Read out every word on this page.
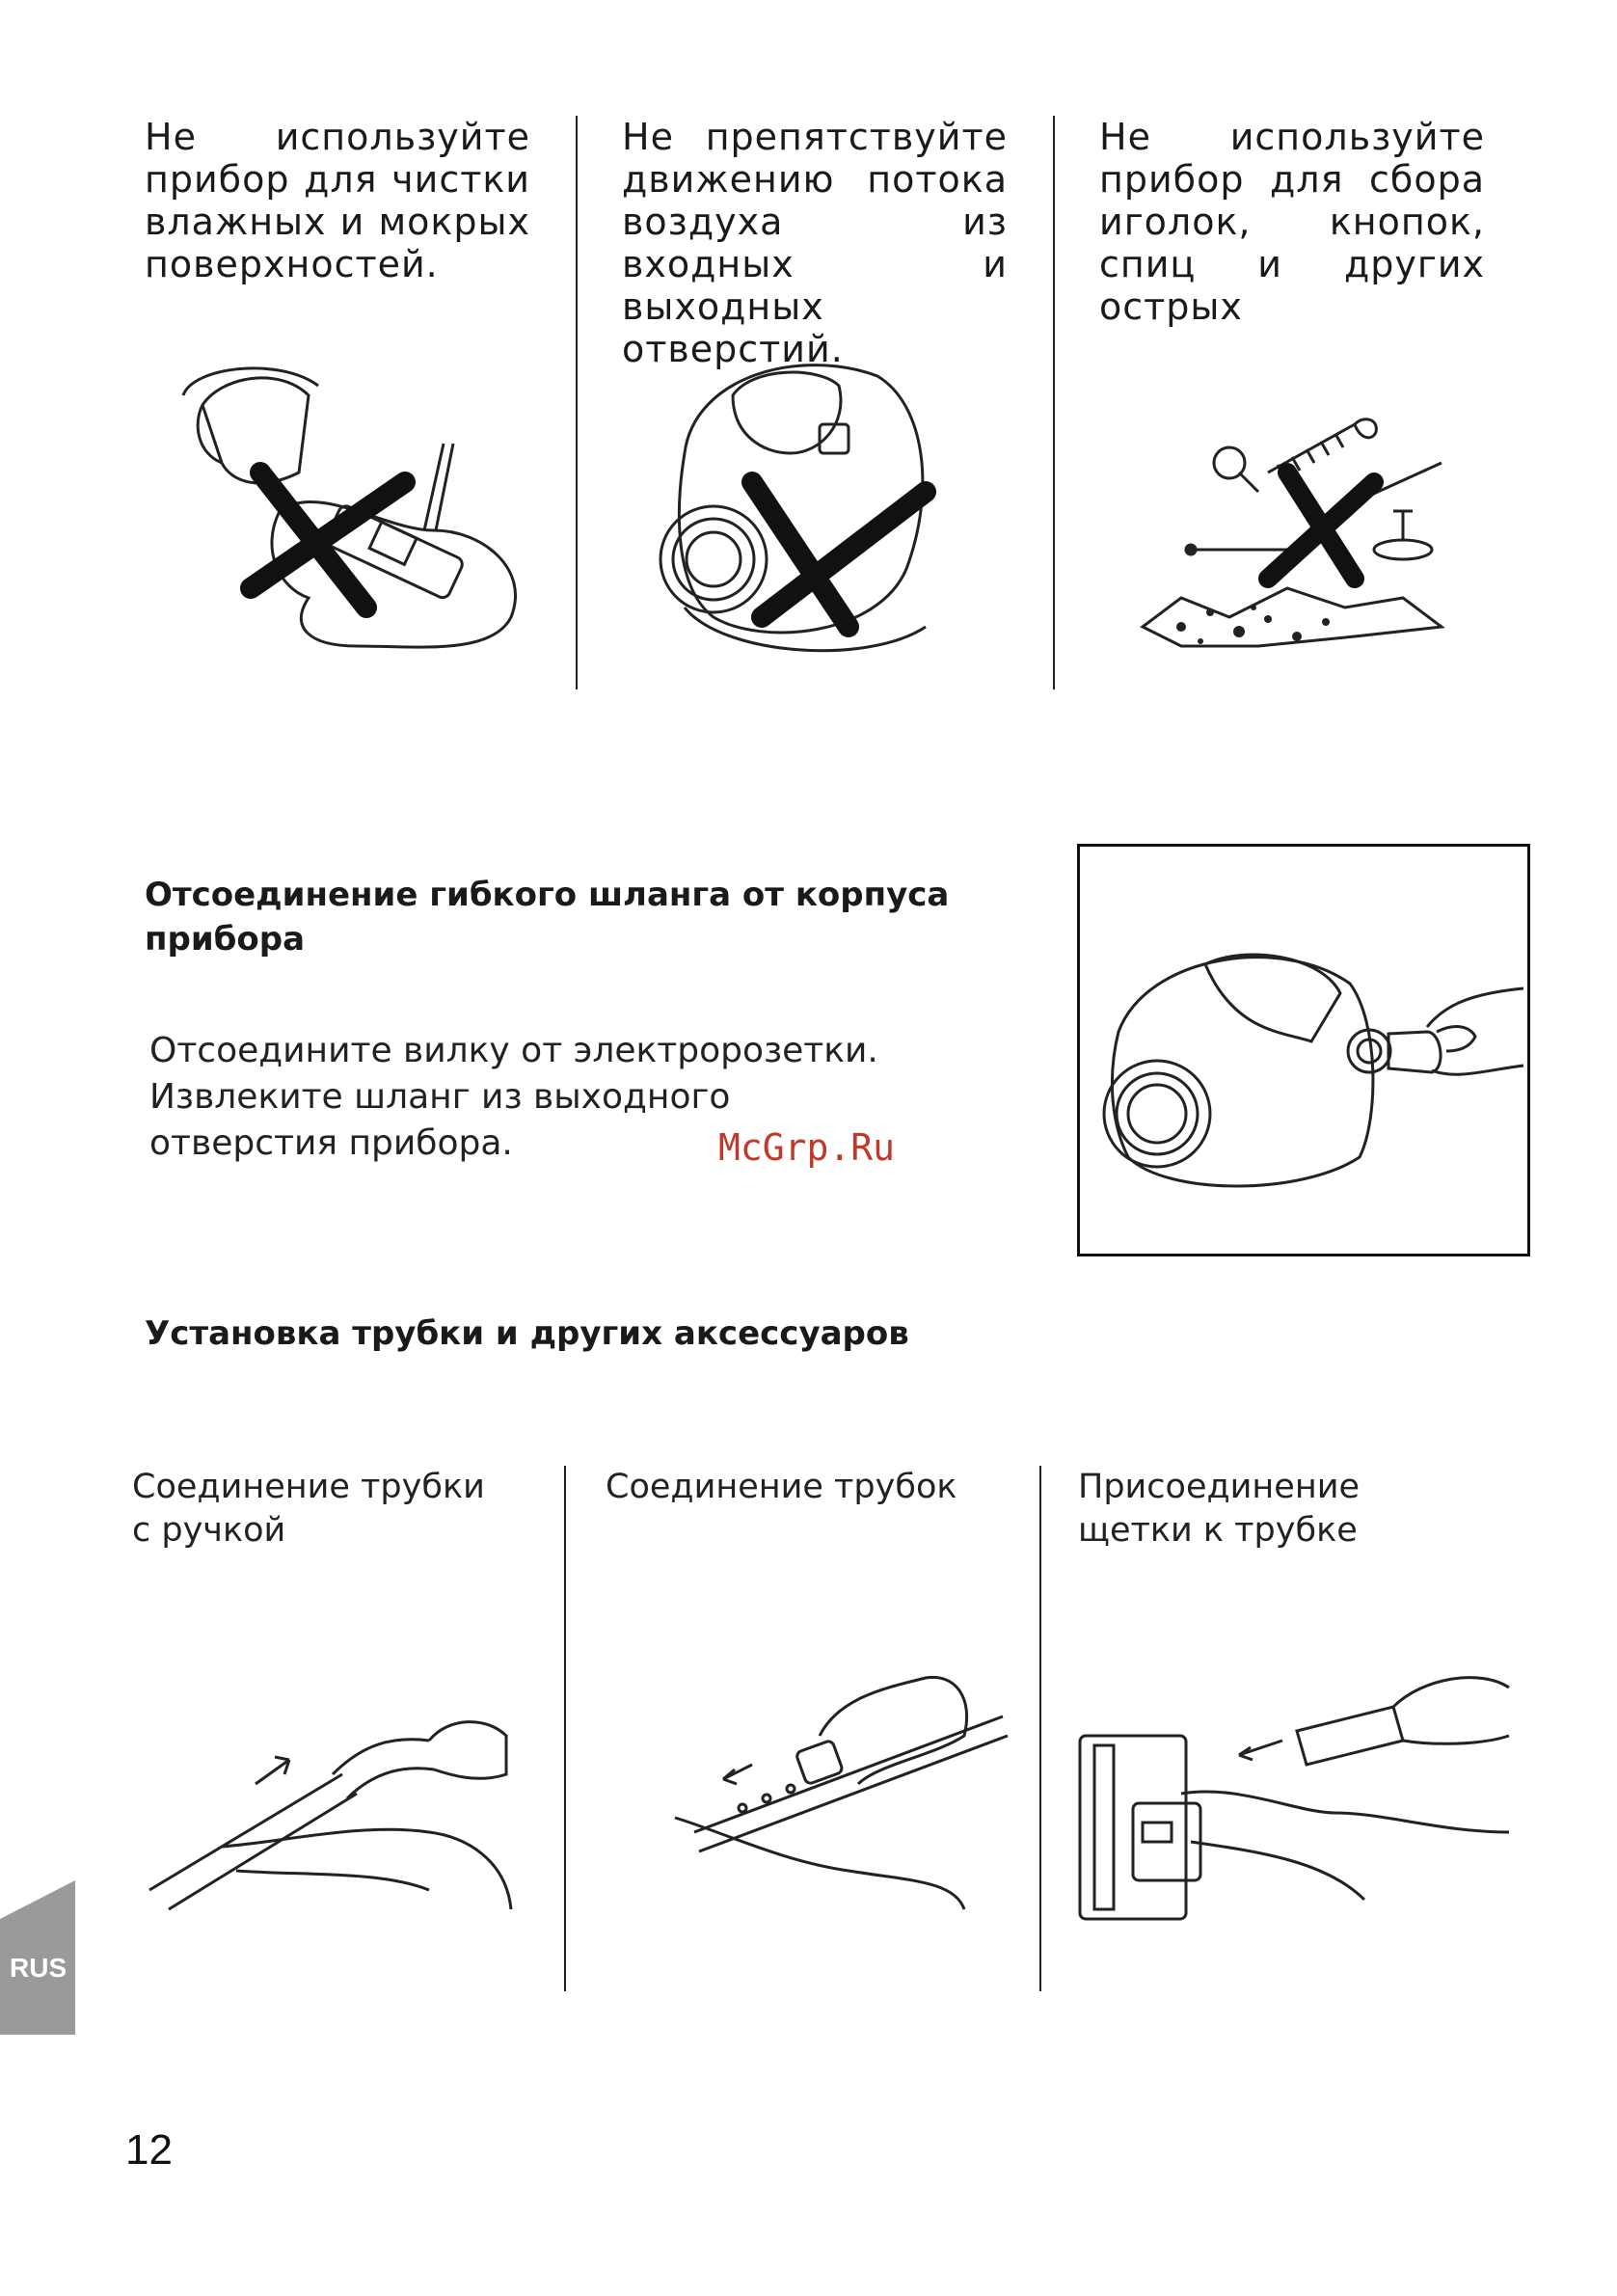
Не используйте прибор для чистки влажных и мокрых поверхностей.
Не препятствуйте движению потока воздуха из входных и выходных отверстий.
Не используйте прибор для сбора иголок, кнопок, спиц и других острых
Отсоединение гибкого шланга от корпуса
прибора
Отсоедините вилку от электророзетки.
Извлеките шланг из выходного
отверстия прибора.	McGrp.Ru
Установка трубки и других аксессуаров
Соединение трубки
с ручкой
Соединение трубок	Присоединение
щетки к трубке
RUS
12
